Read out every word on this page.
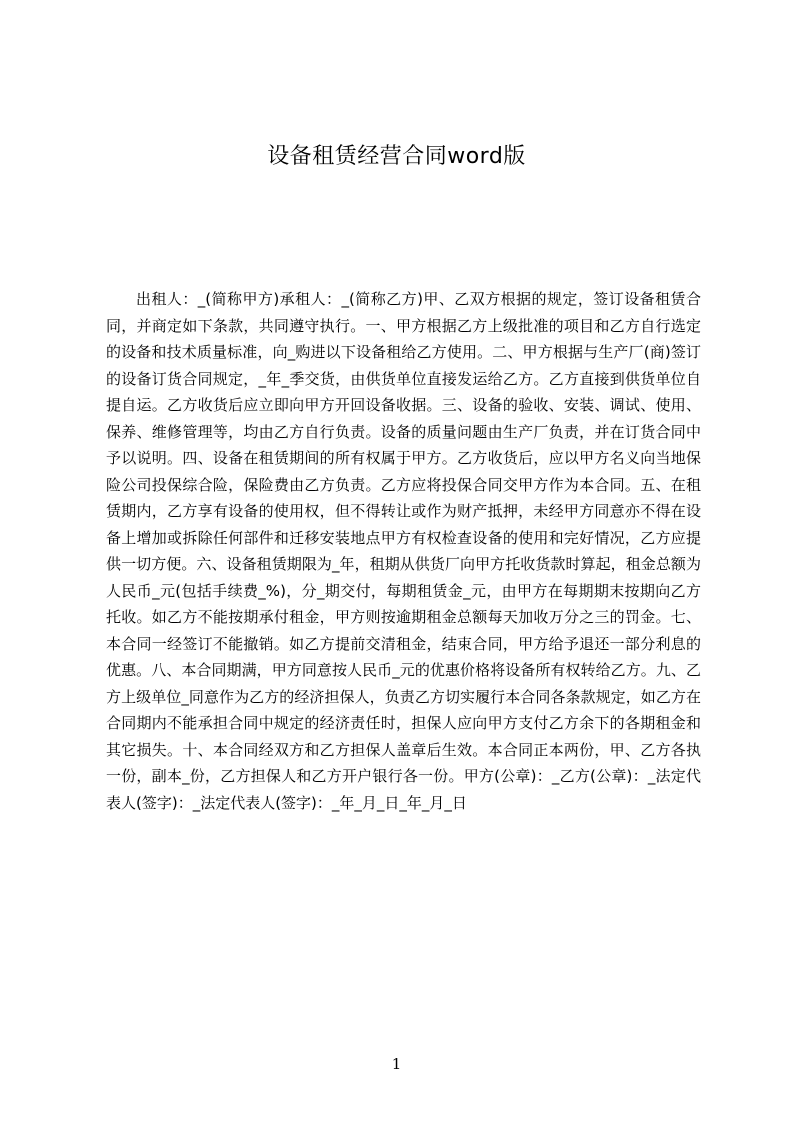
设备租赁经营合同word版
出租人：_(简称甲方)承租人：_(简称乙方)甲、乙双方根据的规定，签订设备租赁合同，并商定如下条款，共同遵守执行。一、甲方根据乙方上级批准的项目和乙方自行选定的设备和技术质量标准，向_购进以下设备租给乙方使用。二、甲方根据与生产厂(商)签订的设备订货合同规定，_年_季交货，由供货单位直接发运给乙方。乙方直接到供货单位自提自运。乙方收货后应立即向甲方开回设备收据。三、设备的验收、安装、调试、使用、保养、维修管理等，均由乙方自行负责。设备的质量问题由生产厂负责，并在订货合同中予以说明。四、设备在租赁期间的所有权属于甲方。乙方收货后，应以甲方名义向当地保险公司投保综合险，保险费由乙方负责。乙方应将投保合同交甲方作为本合同。五、在租赁期内，乙方享有设备的使用权，但不得转让或作为财产抵押，未经甲方同意亦不得在设备上增加或拆除任何部件和迁移安装地点甲方有权检查设备的使用和完好情况，乙方应提供一切方便。六、设备租赁期限为_年，租期从供货厂向甲方托收货款时算起，租金总额为人民币_元(包括手续费_%)，分_期交付，每期租赁金_元，由甲方在每期期末按期向乙方托收。如乙方不能按期承付租金，甲方则按逾期租金总额每天加收万分之三的罚金。七、本合同一经签订不能撤销。如乙方提前交清租金，结束合同，甲方给予退还一部分利息的优惠。八、本合同期满，甲方同意按人民币_元的优惠价格将设备所有权转给乙方。九、乙方上级单位_同意作为乙方的经济担保人，负责乙方切实履行本合同各条款规定，如乙方在合同期内不能承担合同中规定的经济责任时，担保人应向甲方支付乙方余下的各期租金和其它损失。十、本合同经双方和乙方担保人盖章后生效。本合同正本两份，甲、乙方各执一份，副本_份，乙方担保人和乙方开户银行各一份。甲方(公章)：_乙方(公章)：_法定代表人(签字)：_法定代表人(签字)：_年_月_日_年_月_日
1
